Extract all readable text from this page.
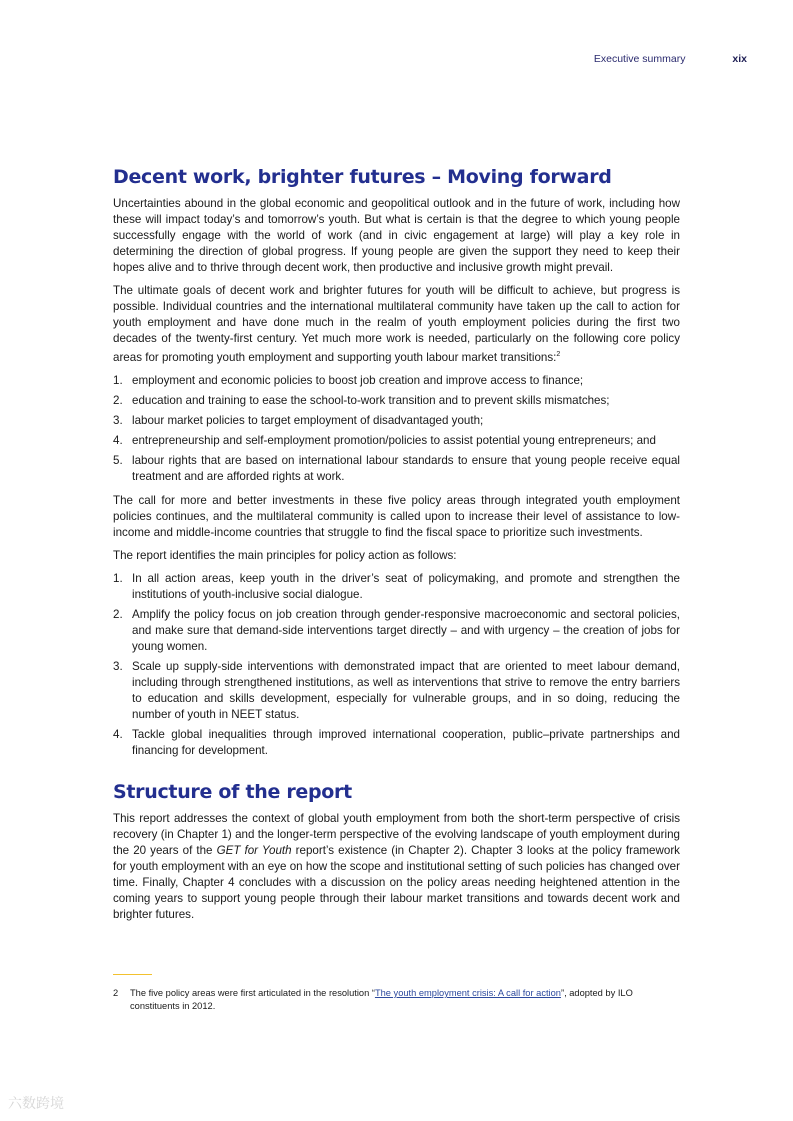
Executive summary	xix
Decent work, brighter futures – Moving forward

Uncertainties abound in the global economic and geopolitical outlook and in the future of work, including how these will impact today’s and tomorrow’s youth. But what is certain is that the degree to which young people successfully engage with the world of work (and in civic engagement at large) will play a key role in determining the direction of global progress. If young people are given the support they need to keep their hopes alive and to thrive through decent work, then productive and inclusive growth might prevail.

The ultimate goals of decent work and brighter futures for youth will be difficult to achieve, but progress is possible. Individual countries and the international multilateral community have taken up the call to action for youth employment and have done much in the realm of youth employment policies during the first two decades of the twenty-first century. Yet much more work is needed, particularly on the following core policy areas for promoting youth employment and supporting youth labour market transitions:$^2$

1. employment and economic policies to boost job creation and improve access to finance;
2. education and training to ease the school-to-work transition and to prevent skills mismatches;
3. labour market policies to target employment of disadvantaged youth;
4. entrepreneurship and self-employment promotion/policies to assist potential young entrepreneurs; and
5. labour rights that are based on international labour standards to ensure that young people receive equal treatment and are afforded rights at work.

The call for more and better investments in these five policy areas through integrated youth employment policies continues, and the multilateral community is called upon to increase their level of assistance to low-income and middle-income countries that struggle to find the fiscal space to prioritize such investments.

The report identifies the main principles for policy action as follows:

1. In all action areas, keep youth in the driver’s seat of policymaking, and promote and strengthen the institutions of youth-inclusive social dialogue.
2. Amplify the policy focus on job creation through gender-responsive macroeconomic and sectoral policies, and make sure that demand-side interventions target directly – and with urgency – the creation of jobs for young women.
3. Scale up supply-side interventions with demonstrated impact that are oriented to meet labour demand, including through strengthened institutions, as well as interventions that strive to remove the entry barriers to education and skills development, especially for vulnerable groups, and in so doing, reducing the number of youth in NEET status.
4. Tackle global inequalities through improved international cooperation, public–private partnerships and financing for development.
Structure of the report

This report addresses the context of global youth employment from both the short-term perspective of crisis recovery (in Chapter 1) and the longer-term perspective of the evolving landscape of youth employment during the 20 years of the GET for Youth report’s existence (in Chapter 2). Chapter 3 looks at the policy framework for youth employment with an eye on how the scope and institutional setting of such policies has changed over time. Finally, Chapter 4 concludes with a discussion on the policy areas needing heightened attention in the coming years to support young people through their labour market transitions and towards decent work and brighter futures.

2	The five policy areas were first articulated in the resolution “The youth employment crisis: A call for action”, adopted by ILO constituents in 2012.
六数跨境
